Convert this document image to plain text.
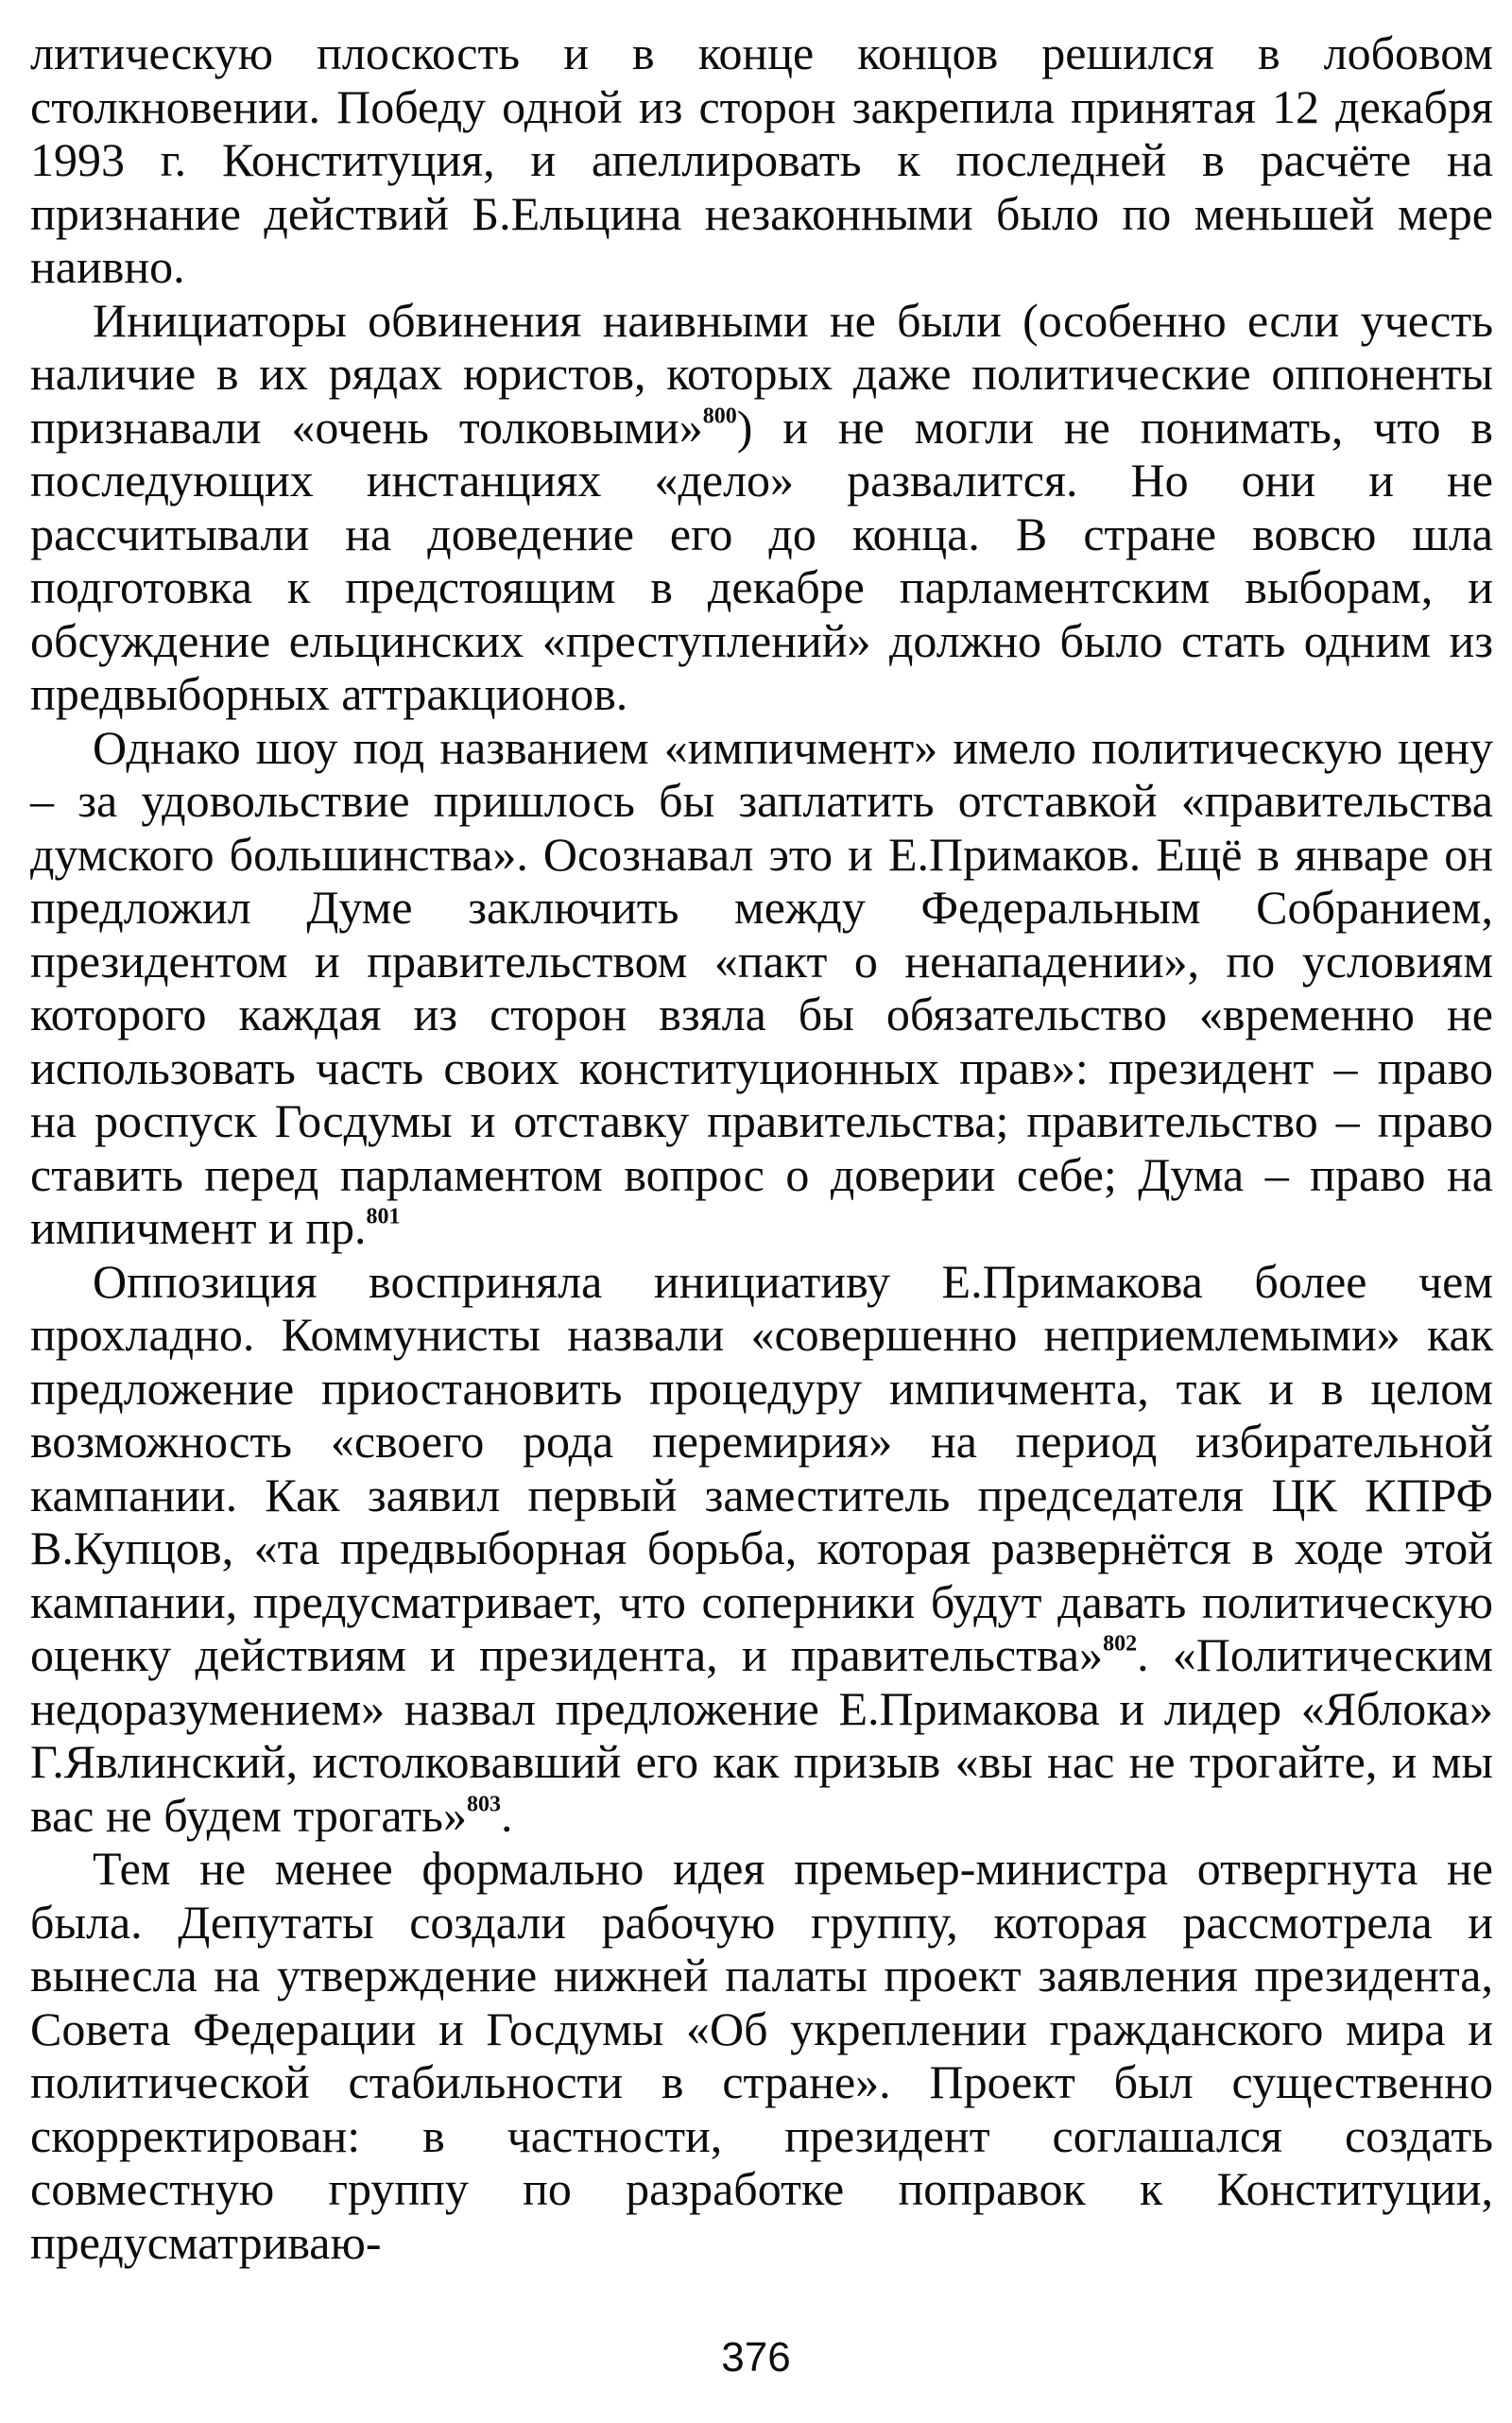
литическую плоскость и в конце концов решился в лобовом столкновении. Победу одной из сторон закрепила принятая 12 декабря 1993 г. Конституция, и апеллировать к последней в расчёте на признание действий Б.Ельцина незаконными было по меньшей мере наивно.

Инициаторы обвинения наивными не были (особенно если учесть наличие в их рядах юристов, которых даже политические оппоненты признавали «очень толковыми»$^{800}$) и не могли не понимать, что в последующих инстанциях «дело» развалится. Но они и не рассчитывали на доведение его до конца. В стране вовсю шла подготовка к предстоящим в декабре парламентским выборам, и обсуждение ельцинских «преступлений» должно было стать одним из предвыборных аттракционов.

Однако шоу под названием «импичмент» имело политическую цену – за удовольствие пришлось бы заплатить отставкой «правительства думского большинства». Осознавал это и Е.Примаков. Ещё в январе он предложил Думе заключить между Федеральным Собранием, президентом и правительством «пакт о ненападении», по условиям которого каждая из сторон взяла бы обязательство «временно не использовать часть своих конституционных прав»: президент – право на роспуск Госдумы и отставку правительства; правительство – право ставить перед парламентом вопрос о доверии себе; Дума – право на импичмент и пр.$^{801}$

Оппозиция восприняла инициативу Е.Примакова более чем прохладно. Коммунисты назвали «совершенно неприемлемыми» как предложение приостановить процедуру импичмента, так и в целом возможность «своего рода перемирия» на период избирательной кампании. Как заявил первый заместитель председателя ЦК КПРФ В.Купцов, «та предвыборная борьба, которая развернётся в ходе этой кампании, предусматривает, что соперники будут давать политическую оценку действиям и президента, и правительства»$^{802}$. «Политическим недоразумением» назвал предложение Е.Примакова и лидер «Яблока» Г.Явлинский, истолковавший его как призыв «вы нас не трогайте, и мы вас не будем трогать»$^{803}$.

Тем не менее формально идея премьер-министра отвергнута не была. Депутаты создали рабочую группу, которая рассмотрела и вынесла на утверждение нижней палаты проект заявления президента, Совета Федерации и Госдумы «Об укреплении гражданского мира и политической стабильности в стране». Проект был существенно скорректирован: в частности, президент соглашался создать совместную группу по разработке поправок к Конституции, предусматриваю-

376
